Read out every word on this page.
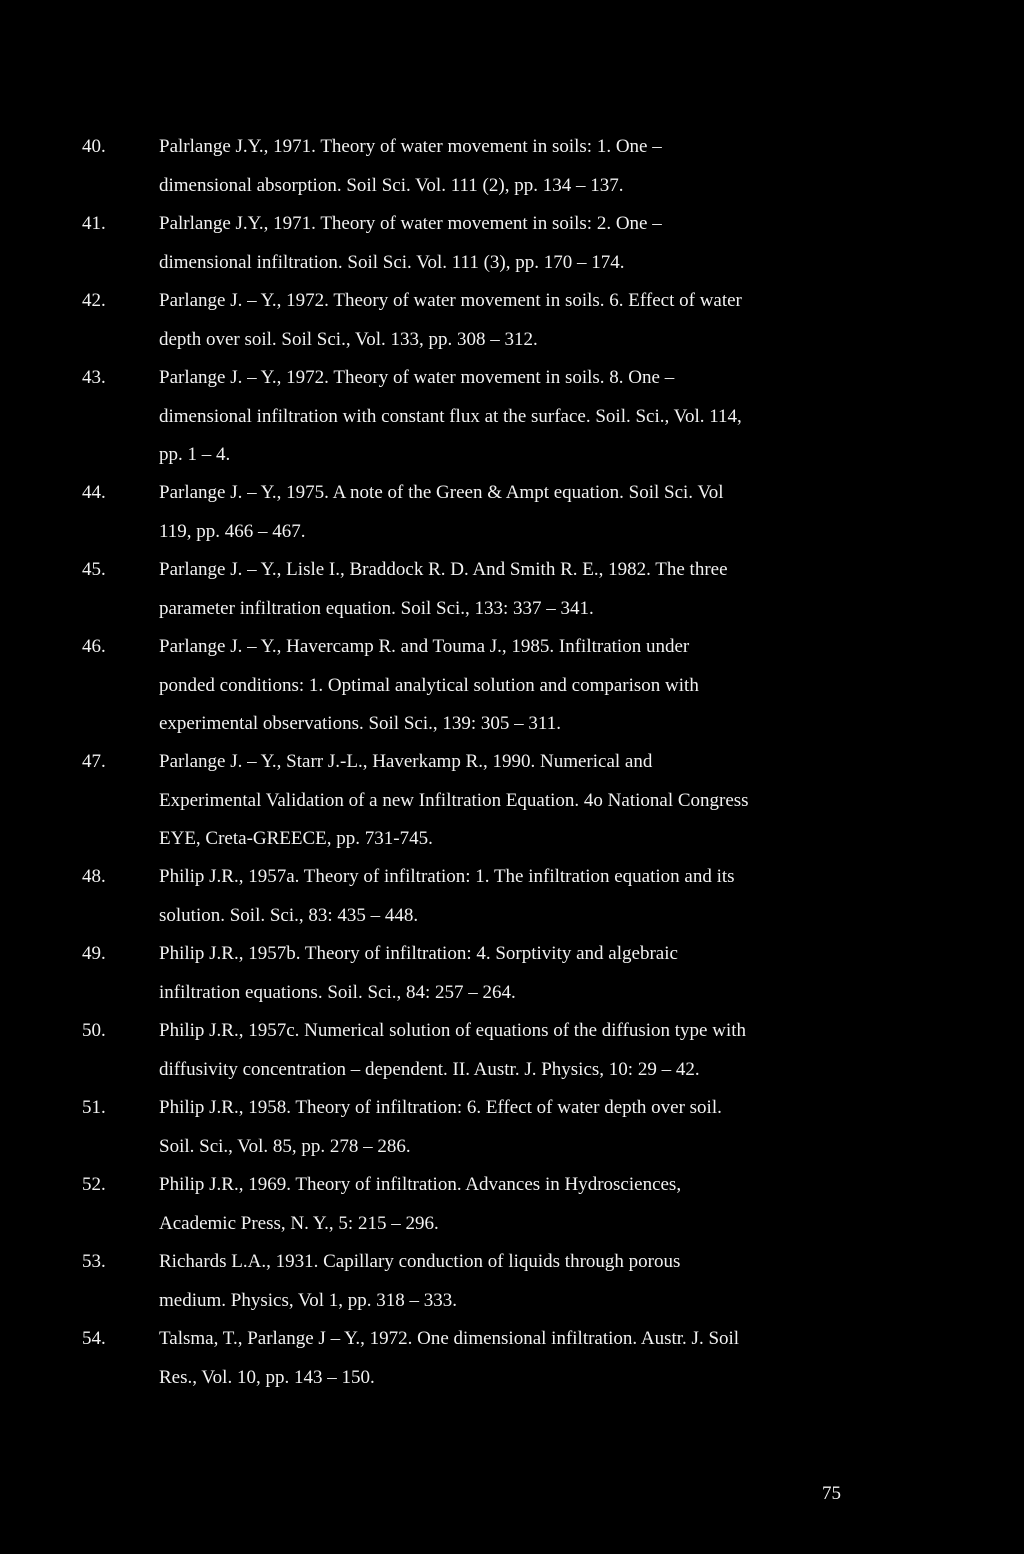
40.	Palrlange J.Y., 1971. Theory of water movement in soils: 1. One –
dimensional absorption. Soil Sci. Vol. 111 (2), pp. 134 – 137.
41.	Palrlange J.Y., 1971. Theory of water movement in soils: 2. One –
dimensional infiltration. Soil Sci. Vol. 111 (3), pp. 170 – 174.
42.	Parlange J. – Y., 1972. Theory of water movement in soils. 6. Effect of water
depth over soil. Soil Sci., Vol. 133, pp. 308 – 312.
43.	Parlange J. – Y., 1972. Theory of water movement in soils. 8. One –
dimensional infiltration with constant flux at the surface. Soil. Sci., Vol. 114,
pp. 1 – 4.
44.	Parlange J. – Y., 1975. A note of the Green & Ampt equation. Soil Sci. Vol
119, pp. 466 – 467.
45.	Parlange J. – Y., Lisle I., Braddock R. D. And Smith R. E., 1982. The three
parameter infiltration equation. Soil Sci., 133: 337 – 341.
46.	Parlange J. – Y., Havercamp R. and Touma J., 1985. Infiltration under
ponded conditions: 1. Optimal analytical solution and comparison with
experimental observations. Soil Sci., 139: 305 – 311.
47.	Parlange J. – Y., Starr J.-L., Haverkamp R., 1990. Numerical and
Experimental Validation of a new Infiltration Equation. 4o National Congress
EYE, Creta-GREECE, pp. 731-745.
48.	Philip J.R., 1957a. Theory of infiltration: 1. The infiltration equation and its
solution. Soil. Sci., 83: 435 – 448.
49.	Philip J.R., 1957b. Theory of infiltration: 4. Sorptivity and algebraic
infiltration equations. Soil. Sci., 84: 257 – 264.
50.	Philip J.R., 1957c. Numerical solution of equations of the diffusion type with
diffusivity concentration – dependent. II. Austr. J. Physics, 10: 29 – 42.
51.	Philip J.R., 1958. Theory of infiltration: 6. Effect of water depth over soil.
Soil. Sci., Vol. 85, pp. 278 – 286.
52.	Philip J.R., 1969. Theory of infiltration. Advances in Hydrosciences,
Academic Press, N. Y., 5: 215 – 296.
53.	Richards L.A., 1931. Capillary conduction of liquids through porous
medium. Physics, Vol 1, pp. 318 – 333.
54.	Talsma, T., Parlange J – Y., 1972. One dimensional infiltration. Austr. J. Soil
Res., Vol. 10, pp. 143 – 150.
75
